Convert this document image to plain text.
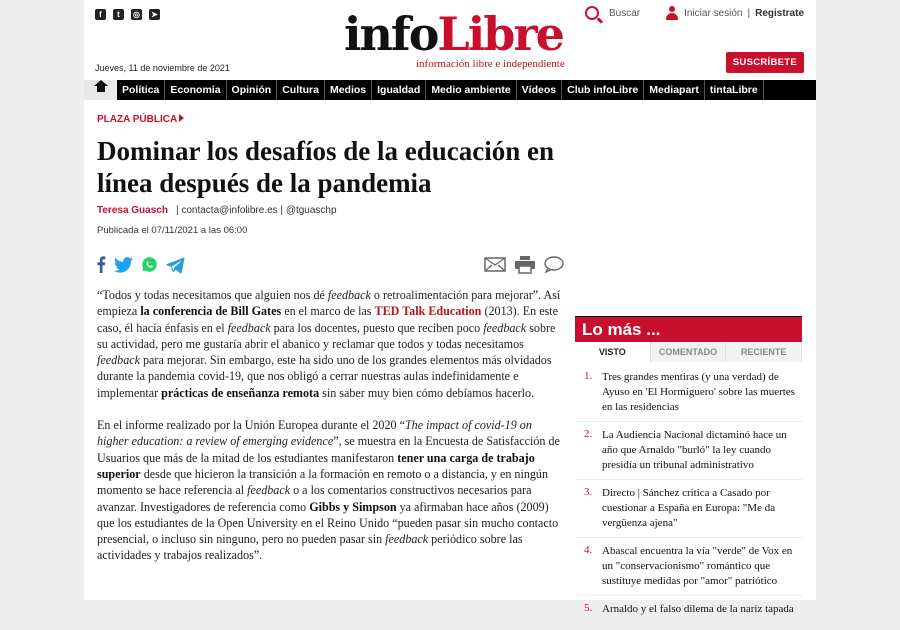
f	t	◎ ➤	infoLibre
información libre e independiente
Buscar	Iniciar sesión | Registrate
Jueves, 11 de noviembre de 2021	SUSCRÍBETE
Política	Economía	Opinión	Cultura	Medios	Igualdad	Medio ambiente	Vídeos	Club infoLibre	Mediapart	tintaLibre
PLAZA PÚBLICA
Dominar los desafíos de la educación en línea después de la pandemia
Teresa Guasch | contacta@infolibre.es | @tguaschp
Publicada el 07/11/2021 a las 06:00

“Todos y todas necesitamos que alguien nos dé feedback o retroalimentación para mejorar”. Así empieza la conferencia de Bill Gates en el marco de las TED Talk Education (2013). En este caso, él hacía énfasis en el feedback para los docentes, puesto que reciben poco feedback sobre su actividad, pero me gustaría abrir el abanico y reclamar que todos y todas necesitamos feedback para mejorar. Sin embargo, este ha sido uno de los grandes elementos más olvidados durante la pandemia covid-19, que nos obligó a cerrar nuestras aulas indefinidamente e implementar prácticas de enseñanza remota sin saber muy bien cómo debíamos hacerlo.

En el informe realizado por la Unión Europea durante el 2020 “The impact of covid-19 on higher education: a review of emerging evidence”, se muestra en la Encuesta de Satisfacción de Usuarios que más de la mitad de los estudiantes manifestaron tener una carga de trabajo superior desde que hicieron la transición a la formación en remoto o a distancia, y en ningún momento se hace referencia al feedback o a los comentarios constructivos necesarios para avanzar. Investigadores de referencia como Gibbs y Simpson ya afirmaban hace años (2009) que los estudiantes de la Open University en el Reino Unido “pueden pasar sin mucho contacto presencial, o incluso sin ninguno, pero no pueden pasar sin feedback periódico sobre las actividades y trabajos realizados”.

Lo más ...
VISTO	COMENTADO	RECIENTE
1. Tres grandes mentiras (y una verdad) de Ayuso en 'El Hormiguero' sobre las muertes en las residencias
2. La Audiencia Nacional dictaminó hace un año que Arnaldo "burló" la ley cuando presidía un tribunal administrativo
3. Directo | Sánchez critica a Casado por cuestionar a España en Europa: "Me da vergüenza ajena"
4. Abascal encuentra la vía "verde" de Vox en un "conservacionismo" romántico que sustituye medidas por "amor" patriótico
5. Arnaldo y el falso dilema de la nariz tapada
